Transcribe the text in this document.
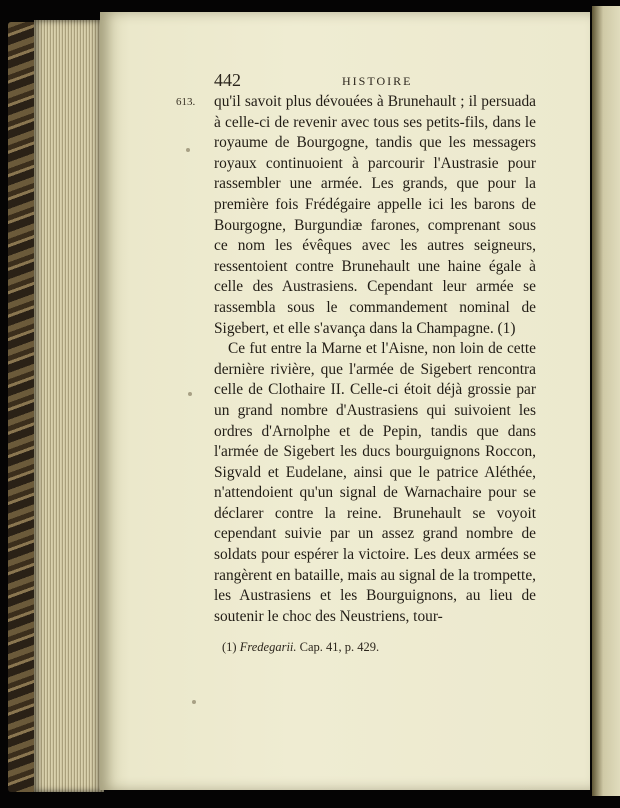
442	HISTOIRE
613. qu'il savoit plus dévouées à Brunehault ; il persuada à celle-ci de revenir avec tous ses petits-fils, dans le royaume de Bourgogne, tandis que les messagers royaux continuoient à parcourir l'Austrasie pour rassembler une armée. Les grands, que pour la première fois Frédégaire appelle ici les barons de Bourgogne, Burgundiæ farones, comprenant sous ce nom les évêques avec les autres seigneurs, ressentoient contre Brunehault une haine égale à celle des Austrasiens. Cependant leur armée se rassembla sous le commandement nominal de Sigebert, et elle s'avança dans la Champagne. (1)

Ce fut entre la Marne et l'Aisne, non loin de cette dernière rivière, que l'armée de Sigebert rencontra celle de Clothaire II. Celle-ci étoit déjà grossie par un grand nombre d'Austrasiens qui suivoient les ordres d'Arnolphe et de Pepin, tandis que dans l'armée de Sigebert les ducs bourguignons Roccon, Sigvald et Eudelane, ainsi que le patrice Aléthée, n'attendoient qu'un signal de Warnachaire pour se déclarer contre la reine. Brunehault se voyoit cependant suivie par un assez grand nombre de soldats pour espérer la victoire. Les deux armées se rangèrent en bataille, mais au signal de la trompette, les Austrasiens et les Bourguignons, au lieu de soutenir le choc des Neustriens, tour-

(1) Fredegarii. Cap. 41, p. 429.
